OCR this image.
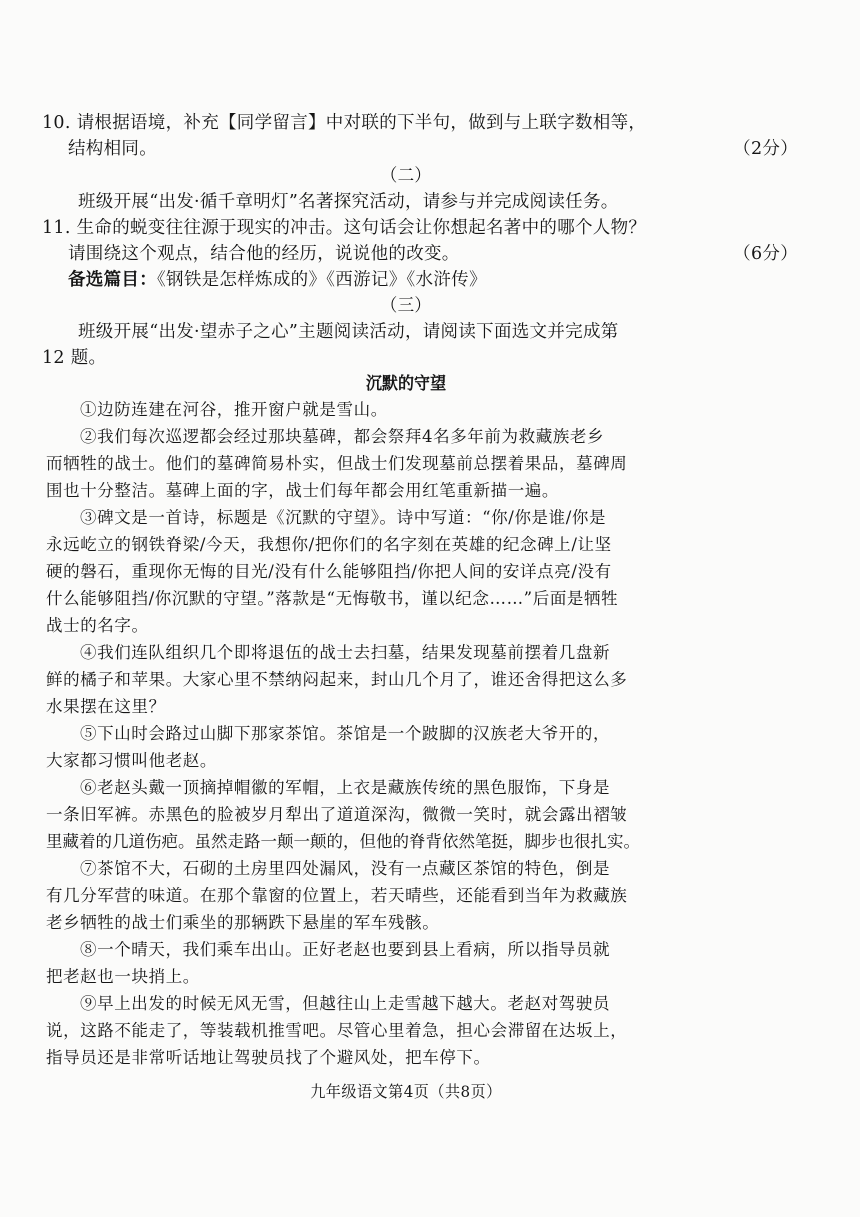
10. 请根据语境，补充【同学留言】中对联的下半句，做到与上联字数相等，
结构相同。	（2分）
（二）
班级开展“出发·循千章明灯”名著探究活动，请参与并完成阅读任务。
11. 生命的蜕变往往源于现实的冲击。这句话会让你想起名著中的哪个人物？
请围绕这个观点，结合他的经历，说说他的改变。	（6分）
备选篇目：《钢铁是怎样炼成的》《西游记》《水浒传》
（三）
班级开展“出发·望赤子之心”主题阅读活动，请阅读下面选文并完成第
12 题。
沉默的守望
①边防连建在河谷，推开窗户就是雪山。
②我们每次巡逻都会经过那块墓碑，都会祭拜4名多年前为救藏族老乡
而牺牲的战士。他们的墓碑简易朴实，但战士们发现墓前总摆着果品，墓碑周
围也十分整洁。墓碑上面的字，战士们每年都会用红笔重新描一遍。
③碑文是一首诗，标题是《沉默的守望》。诗中写道：“你/你是谁/你是
永远屹立的钢铁脊梁/今天，我想你/把你们的名字刻在英雄的纪念碑上/让坚
硬的磐石，重现你无悔的目光/没有什么能够阻挡/你把人间的安详点亮/没有
什么能够阻挡/你沉默的守望。”落款是“无悔敬书，谨以纪念……”后面是牺牲
战士的名字。
④我们连队组织几个即将退伍的战士去扫墓，结果发现墓前摆着几盘新
鲜的橘子和苹果。大家心里不禁纳闷起来，封山几个月了，谁还舍得把这么多
水果摆在这里？
⑤下山时会路过山脚下那家茶馆。茶馆是一个跛脚的汉族老大爷开的，
大家都习惯叫他老赵。
⑥老赵头戴一顶摘掉帽徽的军帽，上衣是藏族传统的黑色服饰，下身是
一条旧军裤。赤黑色的脸被岁月犁出了道道深沟，微微一笑时，就会露出褶皱
里藏着的几道伤疤。虽然走路一颠一颠的，但他的脊背依然笔挺，脚步也很扎实。
⑦茶馆不大，石砌的土房里四处漏风，没有一点藏区茶馆的特色，倒是
有几分军营的味道。在那个靠窗的位置上，若天晴些，还能看到当年为救藏族
老乡牺牲的战士们乘坐的那辆跌下悬崖的军车残骸。
⑧一个晴天，我们乘车出山。正好老赵也要到县上看病，所以指导员就
把老赵也一块捎上。
⑨早上出发的时候无风无雪，但越往山上走雪越下越大。老赵对驾驶员
说，这路不能走了，等装载机推雪吧。尽管心里着急，担心会滞留在达坂上，
指导员还是非常听话地让驾驶员找了个避风处，把车停下。
九年级语文第4页（共8页）
